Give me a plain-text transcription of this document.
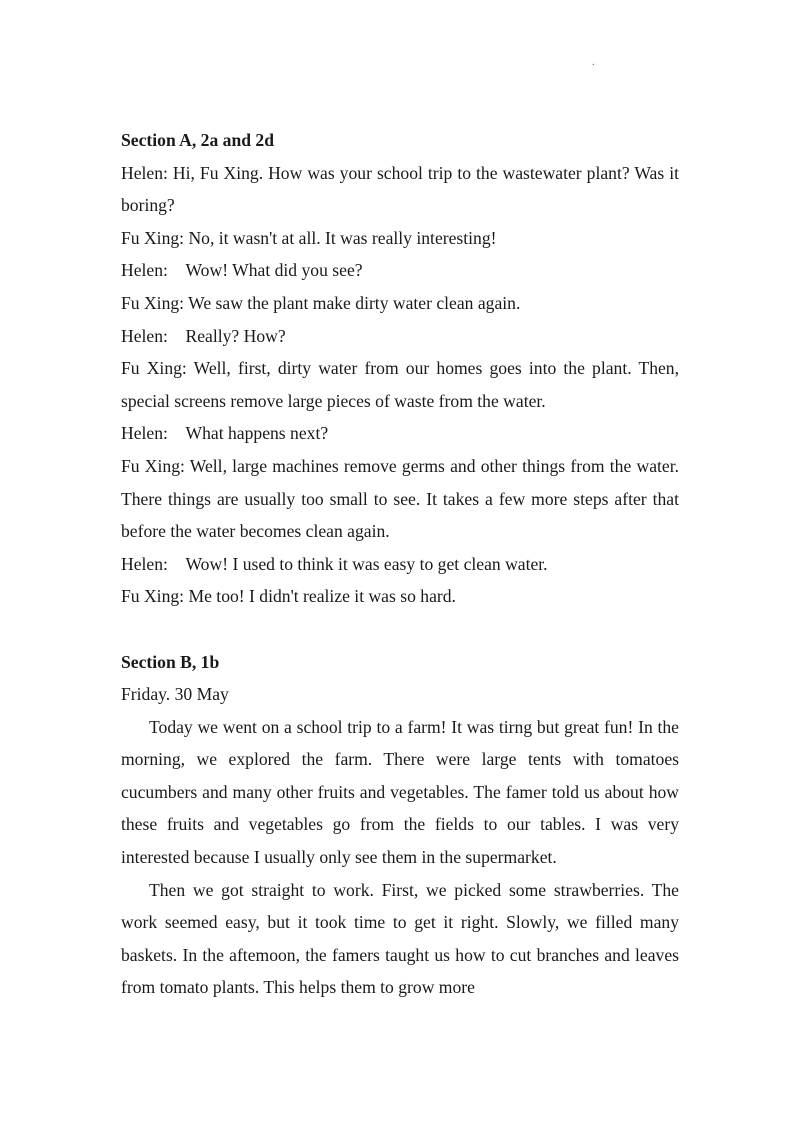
.

Section A, 2a and 2d

Helen: Hi, Fu Xing. How was your school trip to the wastewater plant? Was it boring?

Fu Xing: No, it wasn't at all. It was really interesting!

Helen:    Wow! What did you see?

Fu Xing: We saw the plant make dirty water clean again.

Helen:    Really? How?

Fu Xing: Well, first, dirty water from our homes goes into the plant. Then, special screens remove large pieces of waste from the water.

Helen:    What happens next?

Fu Xing: Well, large machines remove germs and other things from the water. There things are usually too small to see. It takes a few more steps after that before the water becomes clean again.

Helen:    Wow! I used to think it was easy to get clean water.

Fu Xing: Me too! I didn't realize it was so hard.

Section B, 1b

Friday. 30 May

Today we went on a school trip to a farm! It was tirng but great fun! In the morning, we explored the farm. There were large tents with tomatoes cucumbers and many other fruits and vegetables. The famer told us about how these fruits and vegetables go from the fields to our tables. I was very interested because I usually only see them in the supermarket.

Then we got straight to work. First, we picked some strawberries. The work seemed easy, but it took time to get it right. Slowly, we filled many baskets. In the aftemoon, the famers taught us how to cut branches and leaves from tomato plants. This helps them to grow more
